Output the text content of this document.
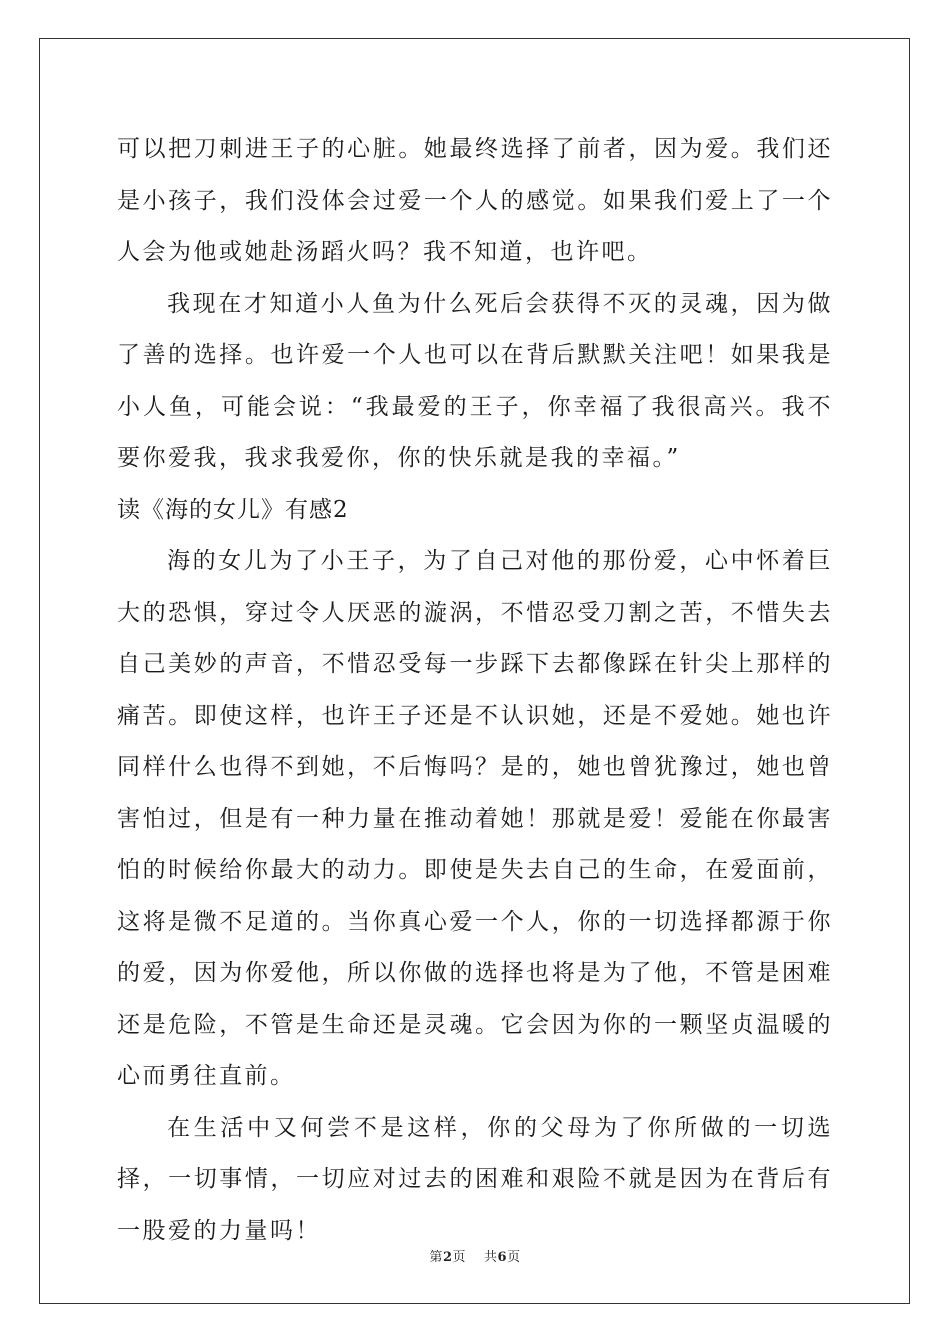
可以把刀刺进王子的心脏。她最终选择了前者，因为爱。我们还是小孩子，我们没体会过爱一个人的感觉。如果我们爱上了一个人会为他或她赴汤蹈火吗？我不知道，也许吧。

我现在才知道小人鱼为什么死后会获得不灭的灵魂，因为做了善的选择。也许爱一个人也可以在背后默默关注吧！如果我是小人鱼，可能会说：“我最爱的王子，你幸福了我很高兴。我不要你爱我，我求我爱你，你的快乐就是我的幸福。”

读《海的女儿》有感2

海的女儿为了小王子，为了自己对他的那份爱，心中怀着巨大的恐惧，穿过令人厌恶的漩涡，不惜忍受刀割之苦，不惜失去自己美妙的声音，不惜忍受每一步踩下去都像踩在针尖上那样的痛苦。即使这样，也许王子还是不认识她，还是不爱她。她也许同样什么也得不到她，不后悔吗？是的，她也曾犹豫过，她也曾害怕过，但是有一种力量在推动着她！那就是爱！爱能在你最害怕的时候给你最大的动力。即使是失去自己的生命，在爱面前，这将是微不足道的。当你真心爱一个人，你的一切选择都源于你的爱，因为你爱他，所以你做的选择也将是为了他，不管是困难还是危险，不管是生命还是灵魂。它会因为你的一颗坚贞温暖的心而勇往直前。

在生活中又何尝不是这样，你的父母为了你所做的一切选择，一切事情，一切应对过去的困难和艰险不就是因为在背后有一股爱的力量吗！

第2页 共6页
